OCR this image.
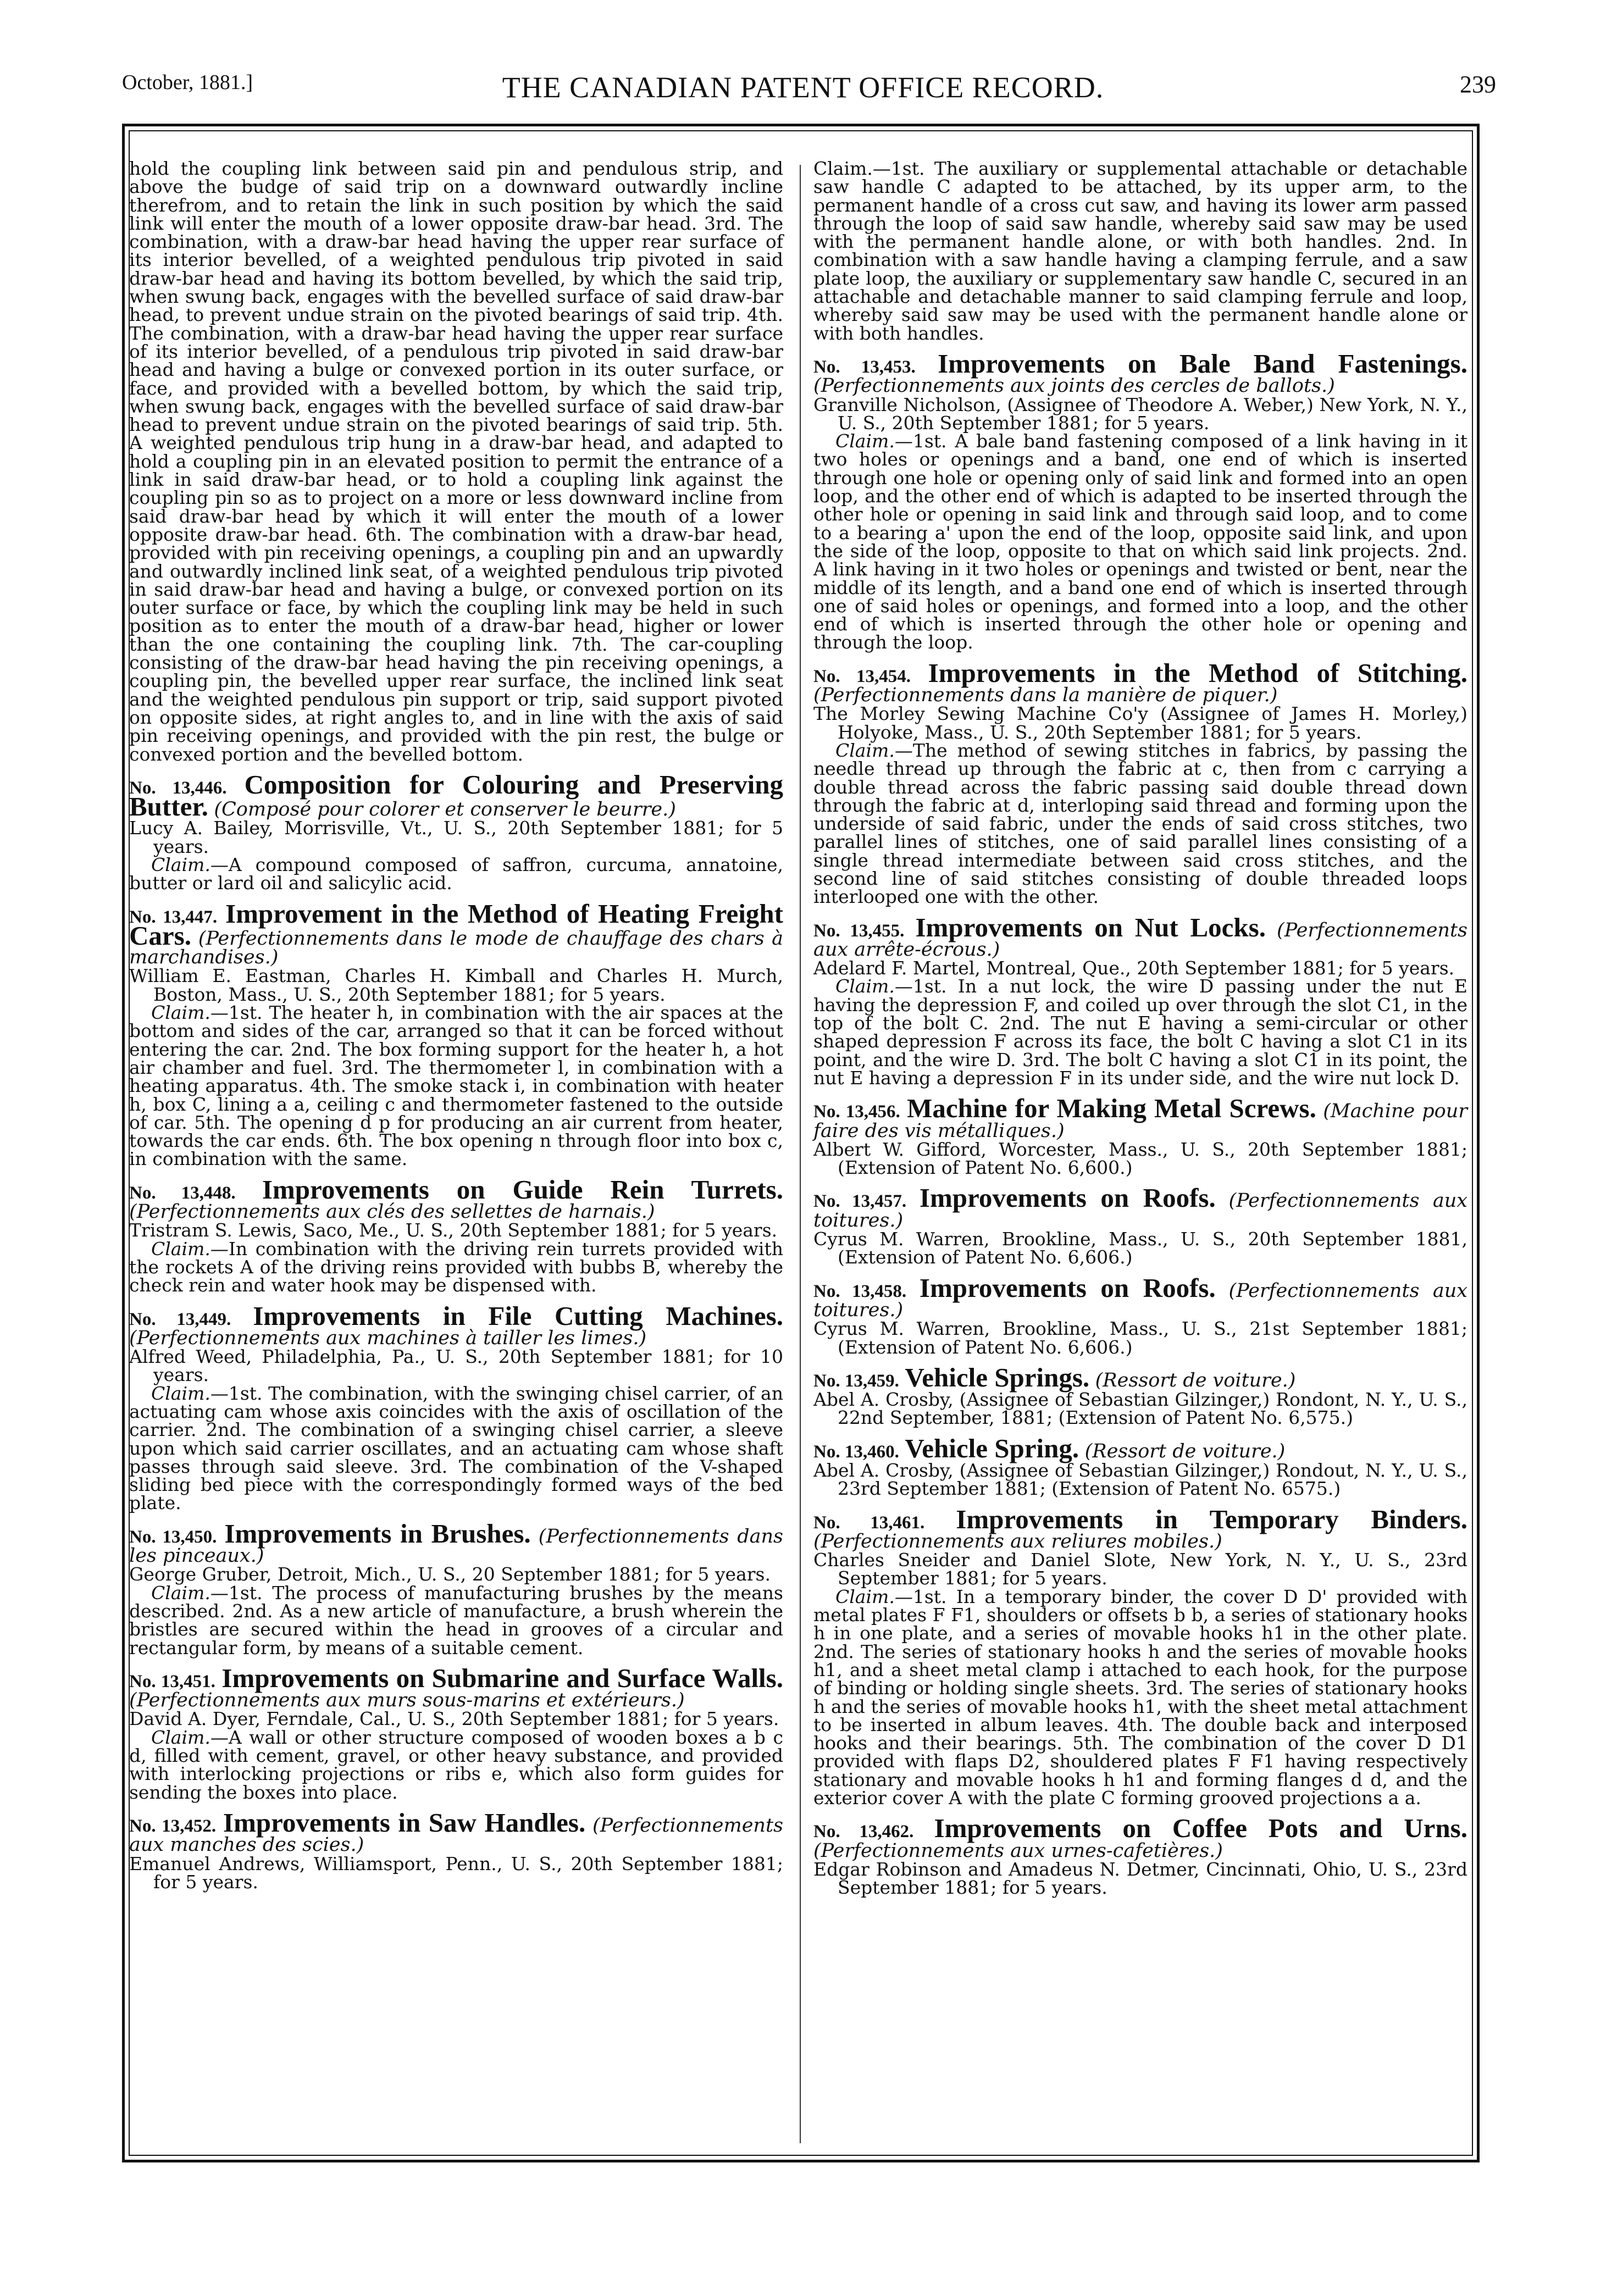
October, 1881.]	THE CANADIAN PATENT OFFICE RECORD.	239

hold the coupling link between said pin and pendulous strip, and above the budge of said trip on a downward outwardly incline therefrom, and to retain the link in such position by which the said link will enter the mouth of a lower opposite draw-bar head. 3rd. The combination, with a draw-bar head having the upper rear surface of its interior bevelled, of a weighted pendulous trip pivoted in said draw-bar head and having its bottom bevelled, by which the said trip, when swung back, engages with the bevelled surface of said draw-bar head, to prevent undue strain on the pivoted bearings of said trip. 4th. The combination, with a draw-bar head having the upper rear surface of its interior bevelled, of a pendulous trip pivoted in said draw-bar head and having a bulge or convexed portion in its outer surface, or face, and provided with a bevelled bottom, by which the said trip, when swung back, engages with the bevelled surface of said draw-bar head to prevent undue strain on the pivoted bearings of said trip. 5th. A weighted pendulous trip hung in a draw-bar head, and adapted to hold a coupling pin in an elevated position to permit the entrance of a link in said draw-bar head, or to hold a coupling link against the coupling pin so as to project on a more or less downward incline from said draw-bar head by which it will enter the mouth of a lower opposite draw-bar head. 6th. The combination with a draw-bar head, provided with pin receiving openings, a coupling pin and an upwardly and outwardly inclined link seat, of a weighted pendulous trip pivoted in said draw-bar head and having a bulge, or convexed portion on its outer surface or face, by which the coupling link may be held in such position as to enter the mouth of a draw-bar head, higher or lower than the one containing the coupling link. 7th. The car-coupling consisting of the draw-bar head having the pin receiving openings, a coupling pin, the bevelled upper rear surface, the inclined link seat and the weighted pendulous pin support or trip, said support pivoted on opposite sides, at right angles to, and in line with the axis of said pin receiving openings, and provided with the pin rest, the bulge or convexed portion and the bevelled bottom.

No. 13,446. Composition for Colouring and Preserving Butter. (Composé pour colorer et conserver le beurre.)

Lucy A. Bailey, Morrisville, Vt., U. S., 20th September 1881; for 5 years.

Claim.—A compound composed of saffron, curcuma, annatoine, butter or lard oil and salicylic acid.

No. 13,447. Improvement in the Method of Heating Freight Cars. (Perfectionnements dans le mode de chauffage des chars à marchandises.)

William E. Eastman, Charles H. Kimball and Charles H. Murch, Boston, Mass., U. S., 20th September 1881; for 5 years.

Claim.—1st. The heater h, in combination with the air spaces at the bottom and sides of the car, arranged so that it can be forced without entering the car. 2nd. The box forming support for the heater h, a hot air chamber and fuel. 3rd. The thermometer l, in combination with a heating apparatus. 4th. The smoke stack i, in combination with heater h, box C, lining a a, ceiling c and thermometer fastened to the outside of car. 5th. The opening d p for producing an air current from heater, towards the car ends. 6th. The box opening n through floor into box c, in combination with the same.

No. 13,448. Improvements on Guide Rein Turrets. (Perfectionnements aux clés des sellettes de harnais.)

Tristram S. Lewis, Saco, Me., U. S., 20th September 1881; for 5 years.

Claim.—In combination with the driving rein turrets provided with the rockets A of the driving reins provided with bubbs B, whereby the check rein and water hook may be dispensed with.

No. 13,449. Improvements in File Cutting Machines. (Perfectionnements aux machines à tailler les limes.)

Alfred Weed, Philadelphia, Pa., U. S., 20th September 1881; for 10 years.

Claim.—1st. The combination, with the swinging chisel carrier, of an actuating cam whose axis coincides with the axis of oscillation of the carrier. 2nd. The combination of a swinging chisel carrier, a sleeve upon which said carrier oscillates, and an actuating cam whose shaft passes through said sleeve. 3rd. The combination of the V-shaped sliding bed piece with the correspondingly formed ways of the bed plate.

No. 13,450. Improvements in Brushes. (Perfectionnements dans les pinceaux.)

George Gruber, Detroit, Mich., U. S., 20 September 1881; for 5 years.

Claim.—1st. The process of manufacturing brushes by the means described. 2nd. As a new article of manufacture, a brush wherein the bristles are secured within the head in grooves of a circular and rectangular form, by means of a suitable cement.

No. 13,451. Improvements on Submarine and Surface Walls. (Perfectionnements aux murs sous-marins et extérieurs.)

David A. Dyer, Ferndale, Cal., U. S., 20th September 1881; for 5 years.

Claim.—A wall or other structure composed of wooden boxes a b c d, filled with cement, gravel, or other heavy substance, and provided with interlocking projections or ribs e, which also form guides for sending the boxes into place.

No. 13,452. Improvements in Saw Handles. (Perfectionnements aux manches des scies.)

Emanuel Andrews, Williamsport, Penn., U. S., 20th September 1881; for 5 years.

Claim.—1st. The auxiliary or supplemental attachable or detachable saw handle C adapted to be attached, by its upper arm, to the permanent handle of a cross cut saw, and having its lower arm passed through the loop of said saw handle, whereby said saw may be used with the permanent handle alone, or with both handles. 2nd. In combination with a saw handle having a clamping ferrule, and a saw plate loop, the auxiliary or supplementary saw handle C, secured in an attachable and detachable manner to said clamping ferrule and loop, whereby said saw may be used with the permanent handle alone or with both handles.

No. 13,453. Improvements on Bale Band Fastenings. (Perfectionnements aux joints des cercles de ballots.)

Granville Nicholson, (Assignee of Theodore A. Weber,) New York, N. Y., U. S., 20th September 1881; for 5 years.

Claim.—1st. A bale band fastening composed of a link having in it two holes or openings and a band, one end of which is inserted through one hole or opening only of said link and formed into an open loop, and the other end of which is adapted to be inserted through the other hole or opening in said link and through said loop, and to come to a bearing a' upon the end of the loop, opposite said link, and upon the side of the loop, opposite to that on which said link projects. 2nd. A link having in it two holes or openings and twisted or bent, near the middle of its length, and a band one end of which is inserted through one of said holes or openings, and formed into a loop, and the other end of which is inserted through the other hole or opening and through the loop.

No. 13,454. Improvements in the Method of Stitching. (Perfectionnements dans la manière de piquer.)

The Morley Sewing Machine Co'y (Assignee of James H. Morley,) Holyoke, Mass., U. S., 20th September 1881; for 5 years.

Claim.—The method of sewing stitches in fabrics, by passing the needle thread up through the fabric at c, then from c carrying a double thread across the fabric passing said double thread down through the fabric at d, interloping said thread and forming upon the underside of said fabric, under the ends of said cross stitches, two parallel lines of stitches, one of said parallel lines consisting of a single thread intermediate between said cross stitches, and the second line of said stitches consisting of double threaded loops interlooped one with the other.

No. 13,455. Improvements on Nut Locks. (Perfectionnements aux arrête-écrous.)

Adelard F. Martel, Montreal, Que., 20th September 1881; for 5 years.

Claim.—1st. In a nut lock, the wire D passing under the nut E having the depression F, and coiled up over through the slot C1, in the top of the bolt C. 2nd. The nut E having a semi-circular or other shaped depression F across its face, the bolt C having a slot C1 in its point, and the wire D. 3rd. The bolt C having a slot C1 in its point, the nut E having a depression F in its under side, and the wire nut lock D.

No. 13,456. Machine for Making Metal Screws. (Machine pour faire des vis métalliques.)

Albert W. Gifford, Worcester, Mass., U. S., 20th September 1881; (Extension of Patent No. 6,600.)

No. 13,457. Improvements on Roofs. (Perfectionnements aux toitures.)

Cyrus M. Warren, Brookline, Mass., U. S., 20th September 1881, (Extension of Patent No. 6,606.)

No. 13,458. Improvements on Roofs. (Perfectionnements aux toitures.)

Cyrus M. Warren, Brookline, Mass., U. S., 21st September 1881; (Extension of Patent No. 6,606.)

No. 13,459. Vehicle Springs. (Ressort de voiture.)

Abel A. Crosby, (Assignee of Sebastian Gilzinger,) Rondont, N. Y., U. S., 22nd September, 1881; (Extension of Patent No. 6,575.)

No. 13,460. Vehicle Spring. (Ressort de voiture.)

Abel A. Crosby, (Assignee of Sebastian Gilzinger,) Rondout, N. Y., U. S., 23rd September 1881; (Extension of Patent No. 6575.)

No. 13,461. Improvements in Temporary Binders. (Perfectionnements aux reliures mobiles.)

Charles Sneider and Daniel Slote, New York, N. Y., U. S., 23rd September 1881; for 5 years.

Claim.—1st. In a temporary binder, the cover D D' provided with metal plates F F1, shoulders or offsets b b, a series of stationary hooks h in one plate, and a series of movable hooks h1 in the other plate. 2nd. The series of stationary hooks h and the series of movable hooks h1, and a sheet metal clamp i attached to each hook, for the purpose of binding or holding single sheets. 3rd. The series of stationary hooks h and the series of movable hooks h1, with the sheet metal attachment to be inserted in album leaves. 4th. The double back and interposed hooks and their bearings. 5th. The combination of the cover D D1 provided with flaps D2, shouldered plates F F1 having respectively stationary and movable hooks h h1 and forming flanges d d, and the exterior cover A with the plate C forming grooved projections a a.

No. 13,462. Improvements on Coffee Pots and Urns. (Perfectionnements aux urnes-cafetières.)

Edgar Robinson and Amadeus N. Detmer, Cincinnati, Ohio, U. S., 23rd September 1881; for 5 years.
